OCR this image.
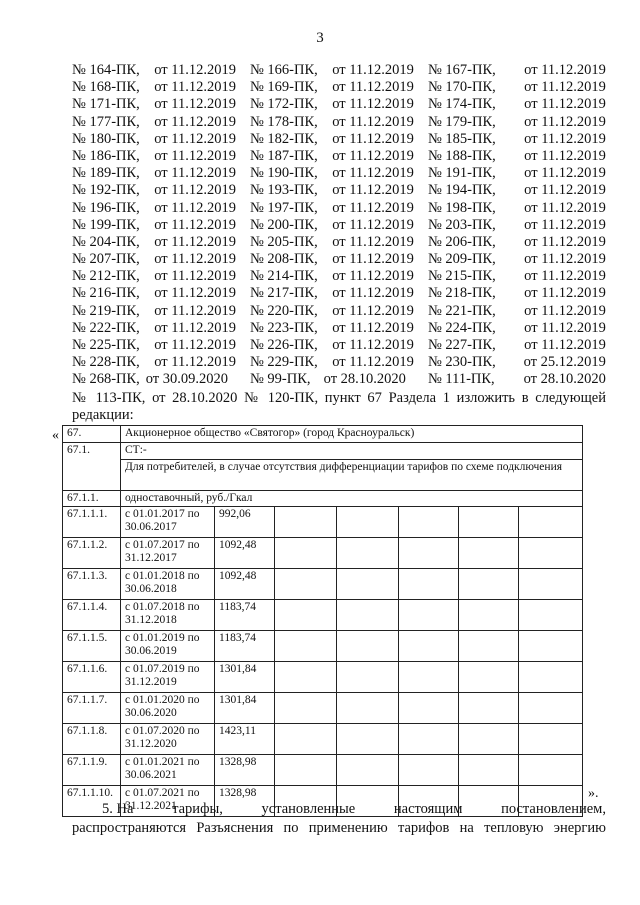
3
№ 164-ПК, от 11.12.2019 № 166-ПК, от 11.12.2019 № 167-ПК, от 11.12.2019
№ 168-ПК, от 11.12.2019 № 169-ПК, от 11.12.2019 № 170-ПК, от 11.12.2019
№ 171-ПК, от 11.12.2019 № 172-ПК, от 11.12.2019 № 174-ПК, от 11.12.2019
№ 177-ПК, от 11.12.2019 № 178-ПК, от 11.12.2019 № 179-ПК, от 11.12.2019
№ 180-ПК, от 11.12.2019 № 182-ПК, от 11.12.2019 № 185-ПК, от 11.12.2019
№ 186-ПК, от 11.12.2019 № 187-ПК, от 11.12.2019 № 188-ПК, от 11.12.2019
№ 189-ПК, от 11.12.2019 № 190-ПК, от 11.12.2019 № 191-ПК, от 11.12.2019
№ 192-ПК, от 11.12.2019 № 193-ПК, от 11.12.2019 № 194-ПК, от 11.12.2019
№ 196-ПК, от 11.12.2019 № 197-ПК, от 11.12.2019 № 198-ПК, от 11.12.2019
№ 199-ПК, от 11.12.2019 № 200-ПК, от 11.12.2019 № 203-ПК, от 11.12.2019
№ 204-ПК, от 11.12.2019 № 205-ПК, от 11.12.2019 № 206-ПК, от 11.12.2019
№ 207-ПК, от 11.12.2019 № 208-ПК, от 11.12.2019 № 209-ПК, от 11.12.2019
№ 212-ПК, от 11.12.2019 № 214-ПК, от 11.12.2019 № 215-ПК, от 11.12.2019
№ 216-ПК, от 11.12.2019 № 217-ПК, от 11.12.2019 № 218-ПК, от 11.12.2019
№ 219-ПК, от 11.12.2019 № 220-ПК, от 11.12.2019 № 221-ПК, от 11.12.2019
№ 222-ПК, от 11.12.2019 № 223-ПК, от 11.12.2019 № 224-ПК, от 11.12.2019
№ 225-ПК, от 11.12.2019 № 226-ПК, от 11.12.2019 № 227-ПК, от 11.12.2019
№ 228-ПК, от 11.12.2019 № 229-ПК, от 11.12.2019 № 230-ПК, от 25.12.2019
№ 268-ПК, от 30.09.2020 № 99-ПК, от 28.10.2020 № 111-ПК, от 28.10.2020
№ 113-ПК, от 28.10.2020 № 120-ПК, пункт 67 Раздела 1 изложить в следующей редакции:
« 67.	Акционерное общество «Святогор» (город Красноуральск)						
67.1.	СТ:-						
	Для потребителей, в случае отсутствия дифференциации тарифов по схеме подключения						
67.1.1.	одноставочный, руб./Гкал						
67.1.1.1.	с 01.01.2017 по 30.06.2017	992,06					
67.1.1.2.	с 01.07.2017 по 31.12.2017	1092,48					
67.1.1.3.	с 01.01.2018 по 30.06.2018	1092,48					
67.1.1.4.	с 01.07.2018 по 31.12.2018	1183,74					
67.1.1.5.	с 01.01.2019 по 30.06.2019	1183,74					
67.1.1.6.	с 01.07.2019 по 31.12.2019	1301,84					
67.1.1.7.	с 01.01.2020 по 30.06.2020	1301,84					
67.1.1.8.	с 01.07.2020 по 31.12.2020	1423,11					
67.1.1.9.	с 01.01.2021 по 30.06.2021	1328,98					
67.1.1.10.	с 01.07.2021 по 31.12.2021	1328,98						».
5. На	тарифы,	установленные	настоящим	постановлением,
распространяются Разъяснения по применению тарифов на тепловую энергию
